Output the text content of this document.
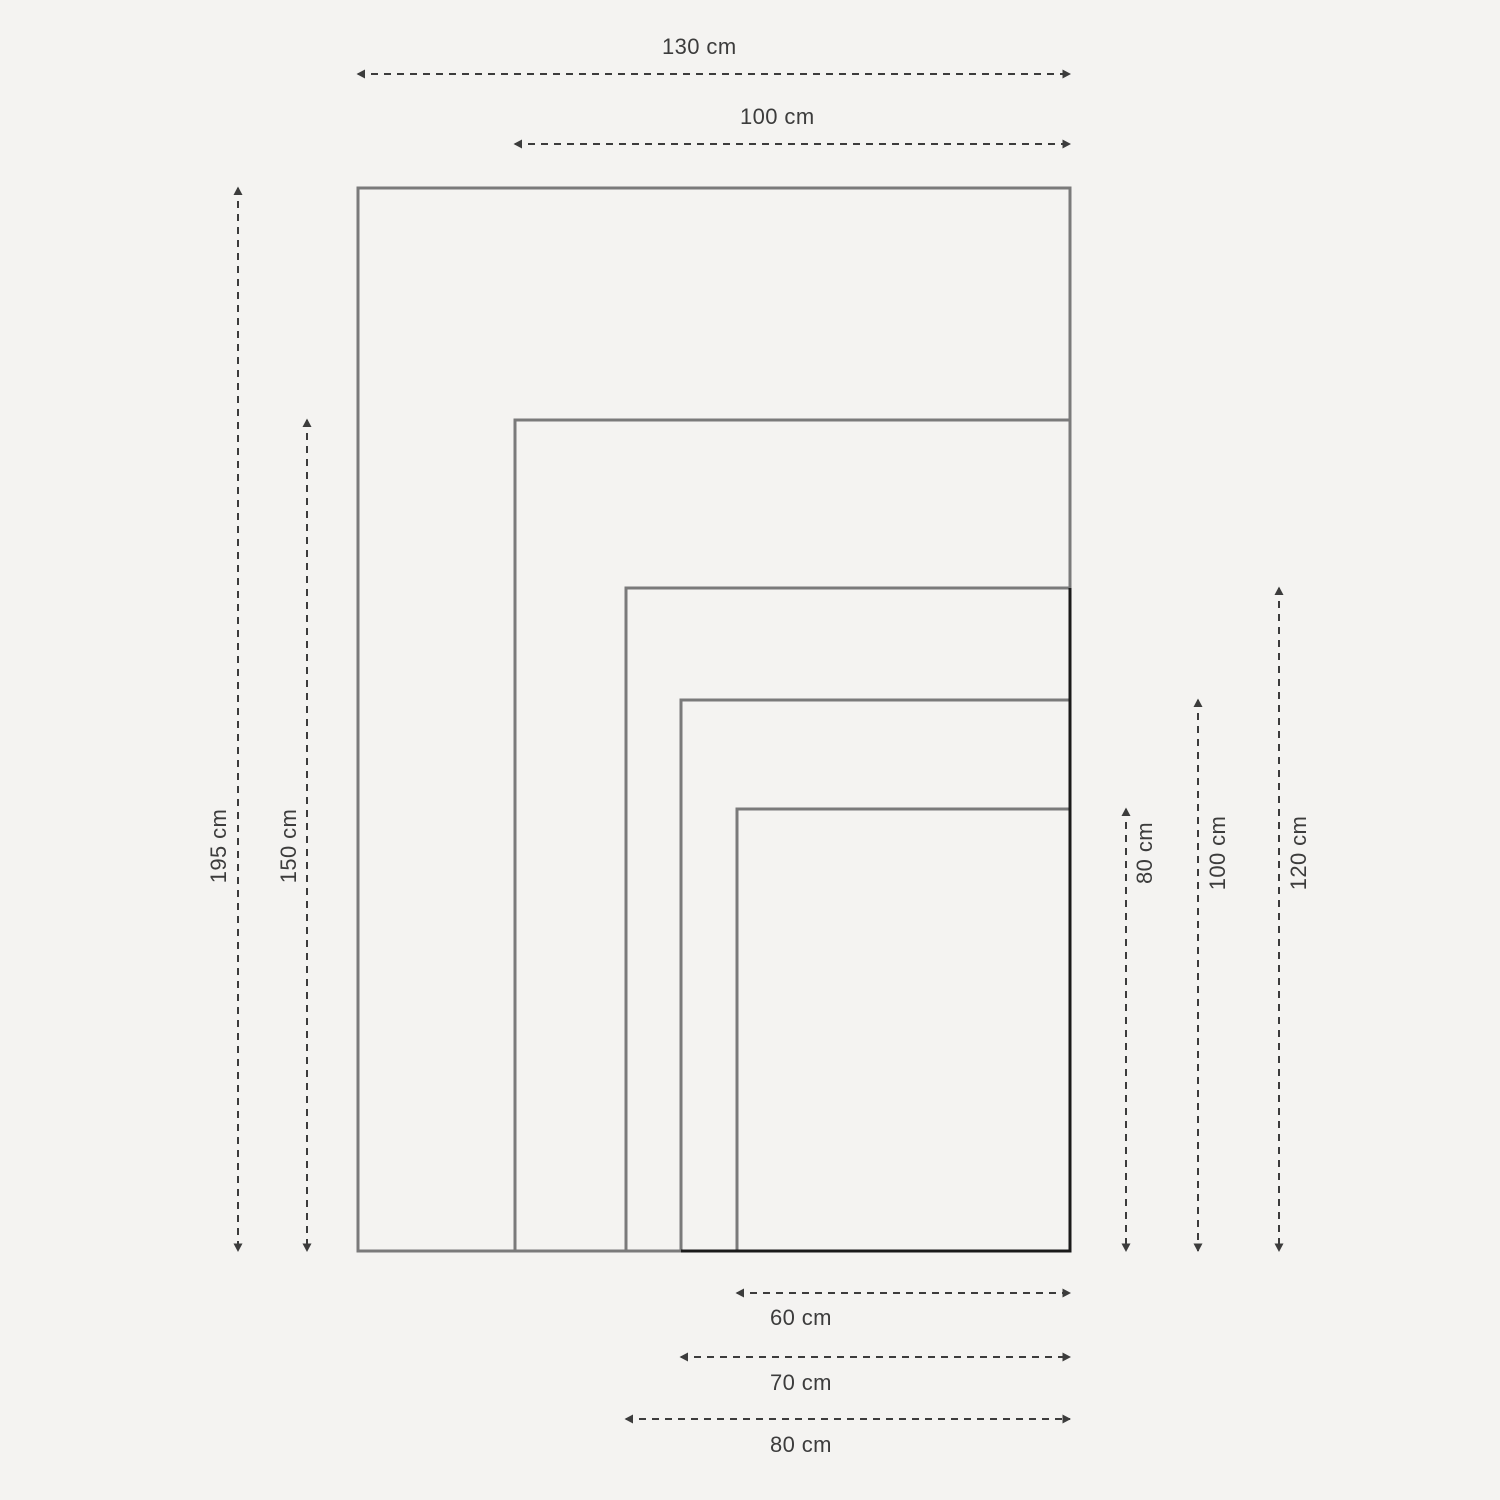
130 cm
100 cm
195 cm 150 cm	80 cm 100 cm	120 cm
60 cm
70 cm
80 cm
